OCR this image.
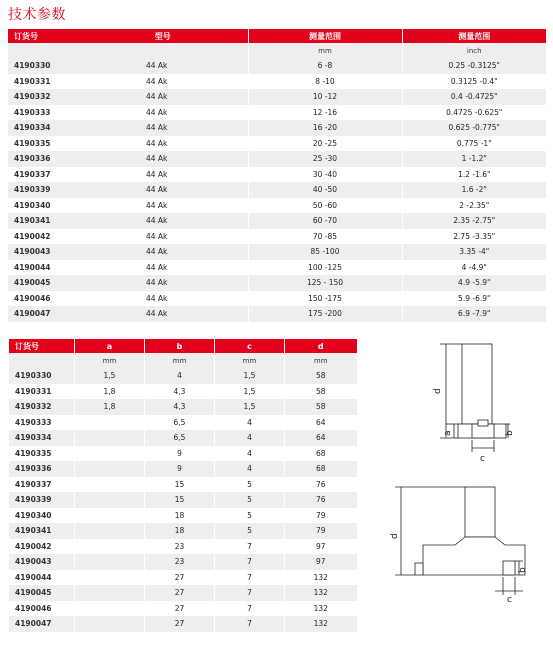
技术参数
订货号	型号	测量范围	测量范围
		mm	inch
4190330	44 Ak	6 -8	0.25 -0.3125"
4190331	44 Ak	8 -10	0.3125 -0.4"
4190332	44 Ak	10 -12	0.4 -0.4725"
4190333	44 Ak	12 -16	0.4725 -0.625"
4190334	44 Ak	16 -20	0.625 -0.775"
4190335	44 Ak	20 -25	0.775 -1"
4190336	44 Ak	25 -30	1 -1.2"
4190337	44 Ak	30 -40	1.2 -1.6"
4190339	44 Ak	40 -50	1.6 -2"
4190340	44 Ak	50 -60	2 -2.35"
4190341	44 Ak	60 -70	2.35 -2.75"
4190042	44 Ak	70 -85	2.75 -3.35"
4190043	44 Ak	85 -100	3.35 -4"
4190044	44 Ak	100 -125	4 -4.9"
4190045	44 Ak	125 - 150	4.9 -5.9"
4190046	44 Ak	150 -175	5.9 -6.9"
4190047	44 Ak	175 -200	6.9 -7.9"
订货号	a	b	c	d
	mm	mm	mm	mm
4190330	1,5	4	1,5	58
4190331	1,8	4,3	1,5	58
4190332	1,8	4,3	1,5	58
4190333		6,5	4	64
4190334		6,5	4	64
4190335		9	4	68
4190336		9	4	68
4190337		15	5	76
4190339		15	5	76
4190340		18	5	79
4190341		18	5	79
4190042		23	7	97
4190043		23	7	97
4190044		27	7	132
4190045		27	7	132
4190046		27	7	132
4190047		27	7	132
d
a	b
c
d
b
c
